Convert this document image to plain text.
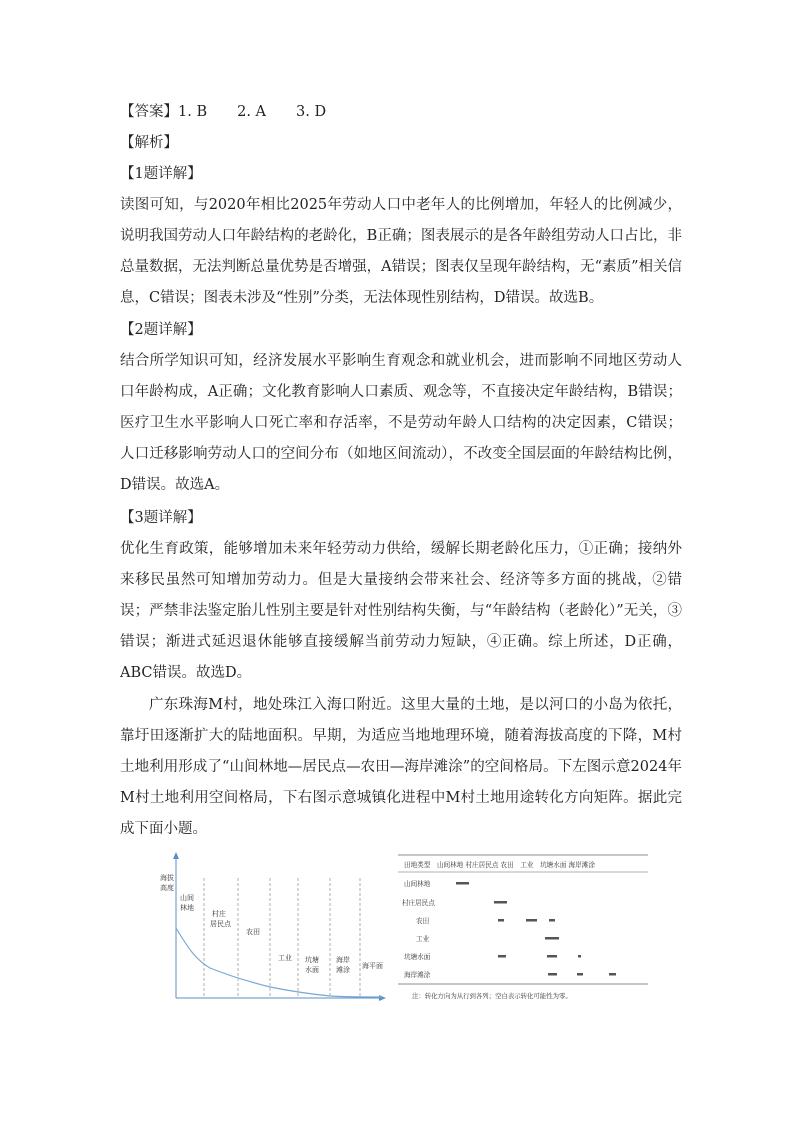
【答案】1. B 2. A 3. D
【解析】
【1题详解】
读图可知，与2020年相比2025年劳动人口中老年人的比例增加，年轻人的比例减少，说明我国劳动人口年龄结构的老龄化，B正确；图表展示的是各年龄组劳动人口占比，非总量数据，无法判断总量优势是否增强，A错误；图表仅呈现年龄结构，无“素质”相关信息，C错误；图表未涉及“性别”分类，无法体现性别结构，D错误。故选B。
【2题详解】
结合所学知识可知，经济发展水平影响生育观念和就业机会，进而影响不同地区劳动人口年龄构成，A正确；文化教育影响人口素质、观念等，不直接决定年龄结构，B错误；医疗卫生水平影响人口死亡率和存活率，不是劳动年龄人口结构的决定因素，C错误；人口迁移影响劳动人口的空间分布（如地区间流动），不改变全国层面的年龄结构比例，D错误。故选A。
【3题详解】
优化生育政策，能够增加未来年轻劳动力供给，缓解长期老龄化压力，①正确；接纳外来移民虽然可知增加劳动力。但是大量接纳会带来社会、经济等多方面的挑战，②错误；严禁非法鉴定胎儿性别主要是针对性别结构失衡，与“年龄结构（老龄化）”无关，③错误；渐进式延迟退休能够直接缓解当前劳动力短缺，④正确。综上所述，D正确，ABC错误。故选D。
广东珠海M村，地处珠江入海口附近。这里大量的土地，是以河口的小岛为依托，靠圩田逐渐扩大的陆地面积。早期，为适应当地地理环境，随着海拔高度的下降，M村土地利用形成了“山间林地—居民点—农田—海岸滩涂”的空间格局。下左图示意2024年M村土地利用空间格局，下右图示意城镇化进程中M村土地用途转化方向矩阵。据此完成下面小题。
海拔
高度
山间
林地
村庄
居民点
农田
工业 坑塘
水面
海岸
滩涂 海平面
田地类型　山间林地 村庄居民点 农田　工业　坑塘水面 海岸滩涂
山间林地
村庄居民点
农田
工业
坑塘水面
海岸滩涂
注：转化方向为从行到各列；空白表示转化可能性为零。
